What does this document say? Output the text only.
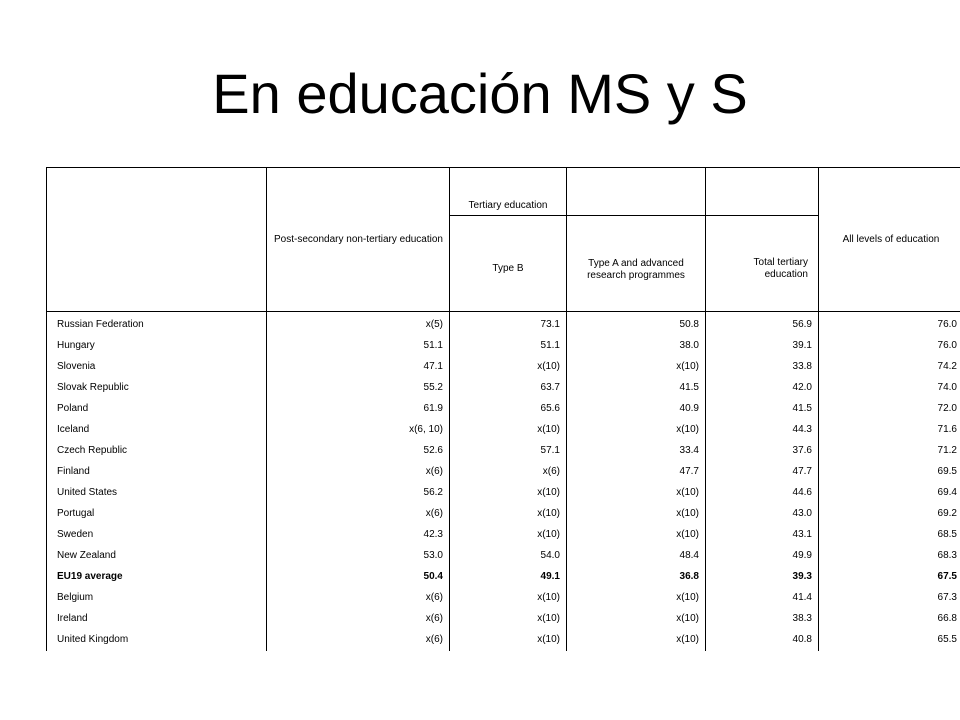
En educación MS y S
	Post-secondary non-tertiary education	Tertiary education			All levels of education
		Type B	Type A and advanced research programmes	Total tertiary education	
Russian Federation	x(5)	73.1	50.8	56.9	76.0
Hungary	51.1	51.1	38.0	39.1	76.0
Slovenia	47.1	x(10)	x(10)	33.8	74.2
Slovak Republic	55.2	63.7	41.5	42.0	74.0
Poland	61.9	65.6	40.9	41.5	72.0
Iceland	x(6, 10)	x(10)	x(10)	44.3	71.6
Czech Republic	52.6	57.1	33.4	37.6	71.2
Finland	x(6)	x(6)	47.7	47.7	69.5
United States	56.2	x(10)	x(10)	44.6	69.4
Portugal	x(6)	x(10)	x(10)	43.0	69.2
Sweden	42.3	x(10)	x(10)	43.1	68.5
New Zealand	53.0	54.0	48.4	49.9	68.3
EU19 average	50.4	49.1	36.8	39.3	67.5
Belgium	x(6)	x(10)	x(10)	41.4	67.3
Ireland	x(6)	x(10)	x(10)	38.3	66.8
United Kingdom	x(6)	x(10)	x(10)	40.8	65.5
